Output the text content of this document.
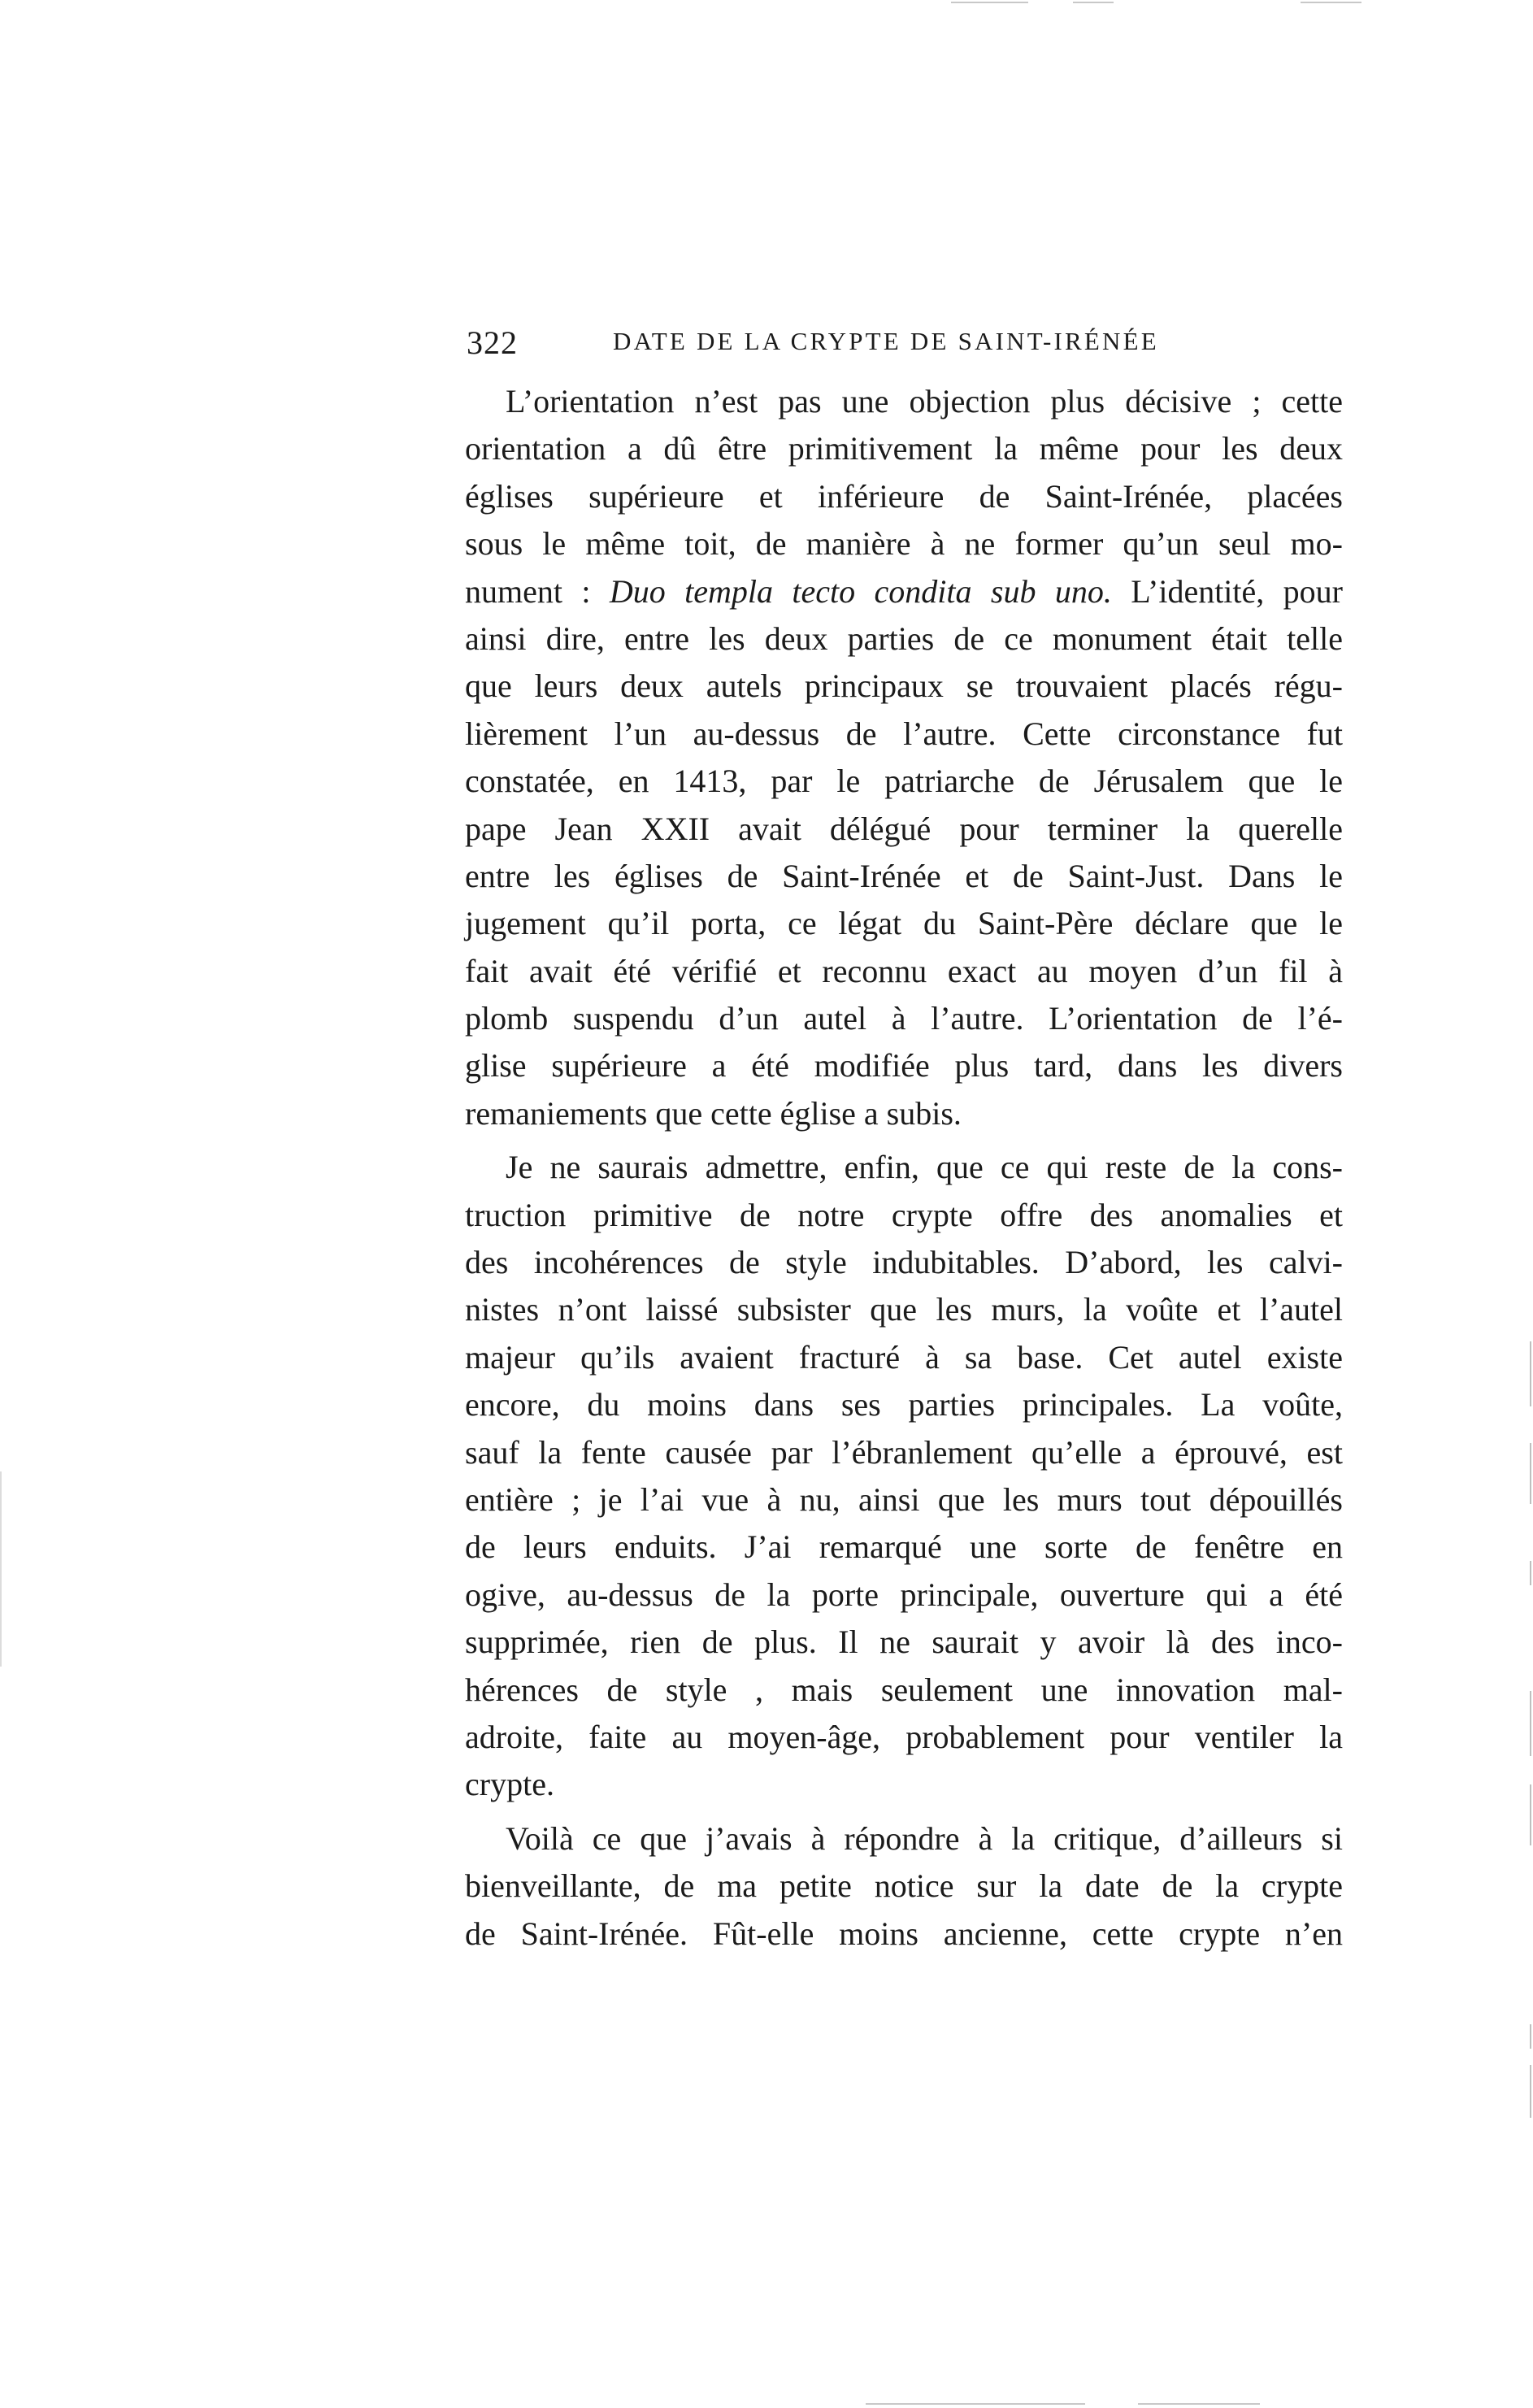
322	DATE DE LA CRYPTE DE SAINT-IRÉNÉE
L’orientation n’est pas une objection plus décisive ; cette
orientation a dû être primitivement la même pour les deux
églises supérieure et inférieure de Saint-Irénée, placées
sous le même toit, de manière à ne former qu’un seul mo-
nument : Duo templa tecto condita sub uno. L’identité, pour
ainsi dire, entre les deux parties de ce monument était telle
que leurs deux autels principaux se trouvaient placés régu-
lièrement l’un au-dessus de l’autre. Cette circonstance fut
constatée, en 1413, par le patriarche de Jérusalem que le
pape Jean XXII avait délégué pour terminer la querelle
entre les églises de Saint-Irénée et de Saint-Just. Dans le
jugement qu’il porta, ce légat du Saint-Père déclare que le
fait avait été vérifié et reconnu exact au moyen d’un fil à
plomb suspendu d’un autel à l’autre. L’orientation de l’é-
glise supérieure a été modifiée plus tard, dans les divers
remaniements que cette église a subis.
Je ne saurais admettre, enfin, que ce qui reste de la cons-
truction primitive de notre crypte offre des anomalies et
des incohérences de style indubitables. D’abord, les calvi-
nistes n’ont laissé subsister que les murs, la voûte et l’autel
majeur qu’ils avaient fracturé à sa base. Cet autel existe
encore, du moins dans ses parties principales. La voûte,
sauf la fente causée par l’ébranlement qu’elle a éprouvé, est
entière ; je l’ai vue à nu, ainsi que les murs tout dépouillés
de leurs enduits. J’ai remarqué une sorte de fenêtre en
ogive, au-dessus de la porte principale, ouverture qui a été
supprimée, rien de plus. Il ne saurait y avoir là des inco-
hérences de style , mais seulement une innovation mal-
adroite, faite au moyen-âge, probablement pour ventiler la
crypte.
Voilà ce que j’avais à répondre à la critique, d’ailleurs si
bienveillante, de ma petite notice sur la date de la crypte
de Saint-Irénée. Fût-elle moins ancienne, cette crypte n’en
